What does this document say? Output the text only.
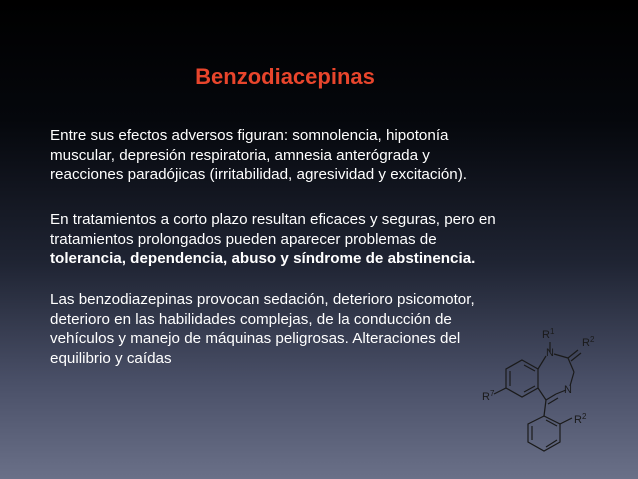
Benzodiacepinas
Entre sus efectos adversos figuran: somnolencia, hipotonía
muscular, depresión respiratoria, amnesia anterógrada y
reacciones paradójicas (irritabilidad, agresividad y excitación).
En tratamientos a corto plazo resultan eficaces y seguras, pero en
tratamientos prolongados pueden aparecer problemas de
tolerancia, dependencia, abuso y síndrome de abstinencia.
Las benzodiazepinas provocan sedación, deterioro psicomotor,
deterioro en las habilidades complejas, de la conducción de
vehículos y manejo de máquinas peligrosas. Alteraciones del
equilibrio y caídas	N
N
$R^1$
$R^2$
$R^7$
$R^2$
